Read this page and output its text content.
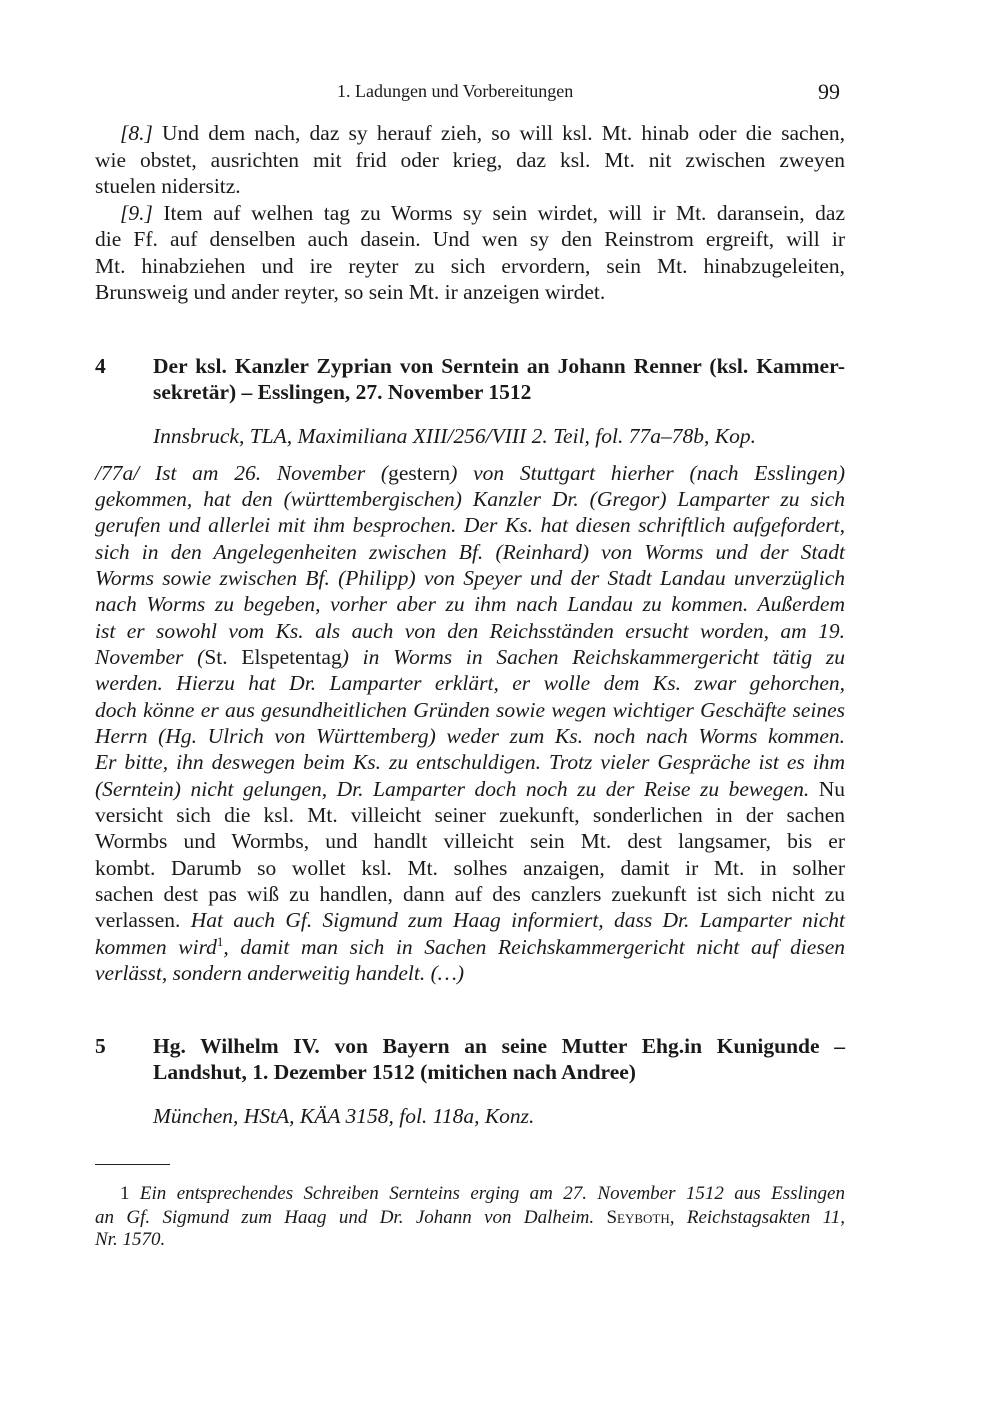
1. Ladungen und Vorbereitungen	99
[8.] Und dem nach, daz sy herauf zieh, so will ksl. Mt. hinab oder die sachen,
wie obstet, ausrichten mit frid oder krieg, daz ksl. Mt. nit zwischen zweyen
stuelen nidersitz.
[9.] Item auf welhen tag zu Worms sy sein wirdet, will ir Mt. daransein, daz
die Ff. auf denselben auch dasein. Und wen sy den Reinstrom ergreift, will ir
Mt. hinabziehen und ire reyter zu sich ervordern, sein Mt. hinabzugeleiten,
Brunsweig und ander reyter, so sein Mt. ir anzeigen wirdet.
4 Der ksl. Kanzler Zyprian von Serntein an Johann Renner (ksl. Kammer-
sekretär) – Esslingen, 27. November 1512
Innsbruck, TLA, Maximiliana XIII/256/VIII 2. Teil, fol. 77a–78b, Kop.
/77a/ Ist am 26. November (gestern) von Stuttgart hierher (nach Esslingen)
gekommen, hat den (württembergischen) Kanzler Dr. (Gregor) Lamparter zu sich
gerufen und allerlei mit ihm besprochen. Der Ks. hat diesen schriftlich aufgefordert,
sich in den Angelegenheiten zwischen Bf. (Reinhard) von Worms und der Stadt
Worms sowie zwischen Bf. (Philipp) von Speyer und der Stadt Landau unverzüglich
nach Worms zu begeben, vorher aber zu ihm nach Landau zu kommen. Außerdem
ist er sowohl vom Ks. als auch von den Reichsständen ersucht worden, am 19.
November (St. Elspetentag) in Worms in Sachen Reichskammergericht tätig zu
werden. Hierzu hat Dr. Lamparter erklärt, er wolle dem Ks. zwar gehorchen,
doch könne er aus gesundheitlichen Gründen sowie wegen wichtiger Geschäfte seines
Herrn (Hg. Ulrich von Württemberg) weder zum Ks. noch nach Worms kommen.
Er bitte, ihn deswegen beim Ks. zu entschuldigen. Trotz vieler Gespräche ist es ihm
(Serntein) nicht gelungen, Dr. Lamparter doch noch zu der Reise zu bewegen. Nu
versicht sich die ksl. Mt. villeicht seiner zuekunft, sonderlichen in der sachen
Wormbs und Wormbs, und handlt villeicht sein Mt. dest langsamer, bis er
kombt. Darumb so wollet ksl. Mt. solhes anzaigen, damit ir Mt. in solher
sachen dest pas wiß zu handlen, dann auf des canzlers zuekunft ist sich nicht zu
verlassen. Hat auch Gf. Sigmund zum Haag informiert, dass Dr. Lamparter nicht
kommen wird$^1$, damit man sich in Sachen Reichskammergericht nicht auf diesen
verlässt, sondern anderweitig handelt. (…)
5 Hg. Wilhelm IV. von Bayern an seine Mutter Ehg.in Kunigunde –
Landshut, 1. Dezember 1512 (mitichen nach Andree)
München, HStA, KÄA 3158, fol. 118a, Konz.
1 Ein entsprechendes Schreiben Sernteins erging am 27. November 1512 aus Esslingen
an Gf. Sigmund zum Haag und Dr. Johann von Dalheim. Seyboth, Reichstagsakten 11,
Nr. 1570.
